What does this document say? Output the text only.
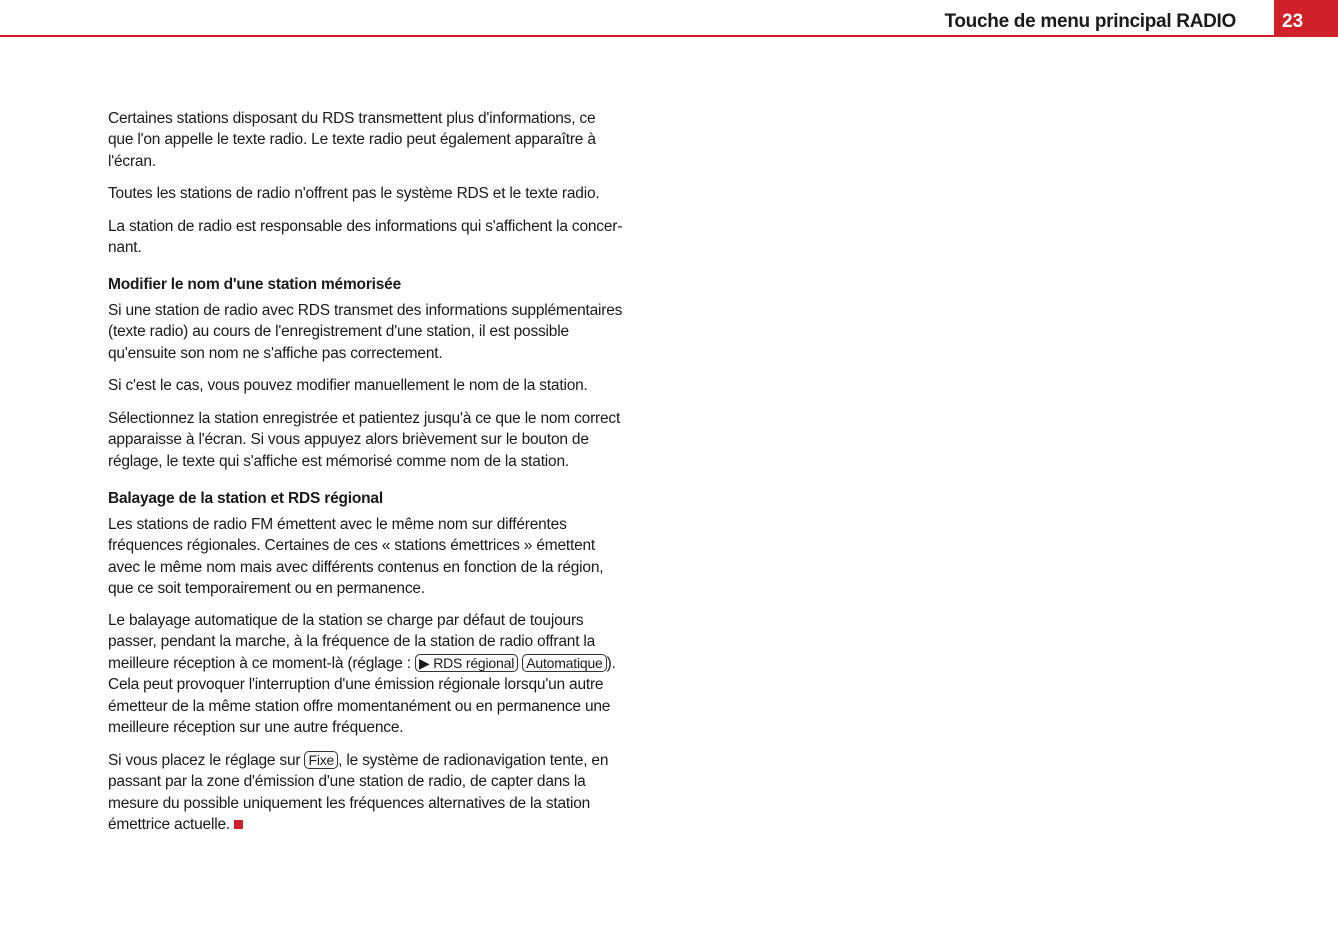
Touche de menu principal RADIO	23
Certaines stations disposant du RDS transmettent plus d'informations, ce
que l'on appelle le texte radio. Le texte radio peut également apparaître à
l'écran.
Toutes les stations de radio n'offrent pas le système RDS et le texte radio.
La station de radio est responsable des informations qui s'affichent la concer-
nant.
Modifier le nom d'une station mémorisée
Si une station de radio avec RDS transmet des informations supplémentaires
(texte radio) au cours de l'enregistrement d'une station, il est possible
qu'ensuite son nom ne s'affiche pas correctement.
Si c'est le cas, vous pouvez modifier manuellement le nom de la station.
Sélectionnez la station enregistrée et patientez jusqu'à ce que le nom correct
apparaisse à l'écran. Si vous appuyez alors brièvement sur le bouton de
réglage, le texte qui s'affiche est mémorisé comme nom de la station.
Balayage de la station et RDS régional
Les stations de radio FM émettent avec le même nom sur différentes
fréquences régionales. Certaines de ces « stations émettrices » émettent
avec le même nom mais avec différents contenus en fonction de la région,
que ce soit temporairement ou en permanence.
Le balayage automatique de la station se charge par défaut de toujours
passer, pendant la marche, à la fréquence de la station de radio offrant la
meilleure réception à ce moment-là (réglage : ▶ RDS régional Automatique ).
Cela peut provoquer l'interruption d'une émission régionale lorsqu'un autre
émetteur de la même station offre momentanément ou en permanence une
meilleure réception sur une autre fréquence.
Si vous placez le réglage sur Fixe , le système de radionavigation tente, en
passant par la zone d'émission d'une station de radio, de capter dans la
mesure du possible uniquement les fréquences alternatives de la station
émettrice actuelle.
